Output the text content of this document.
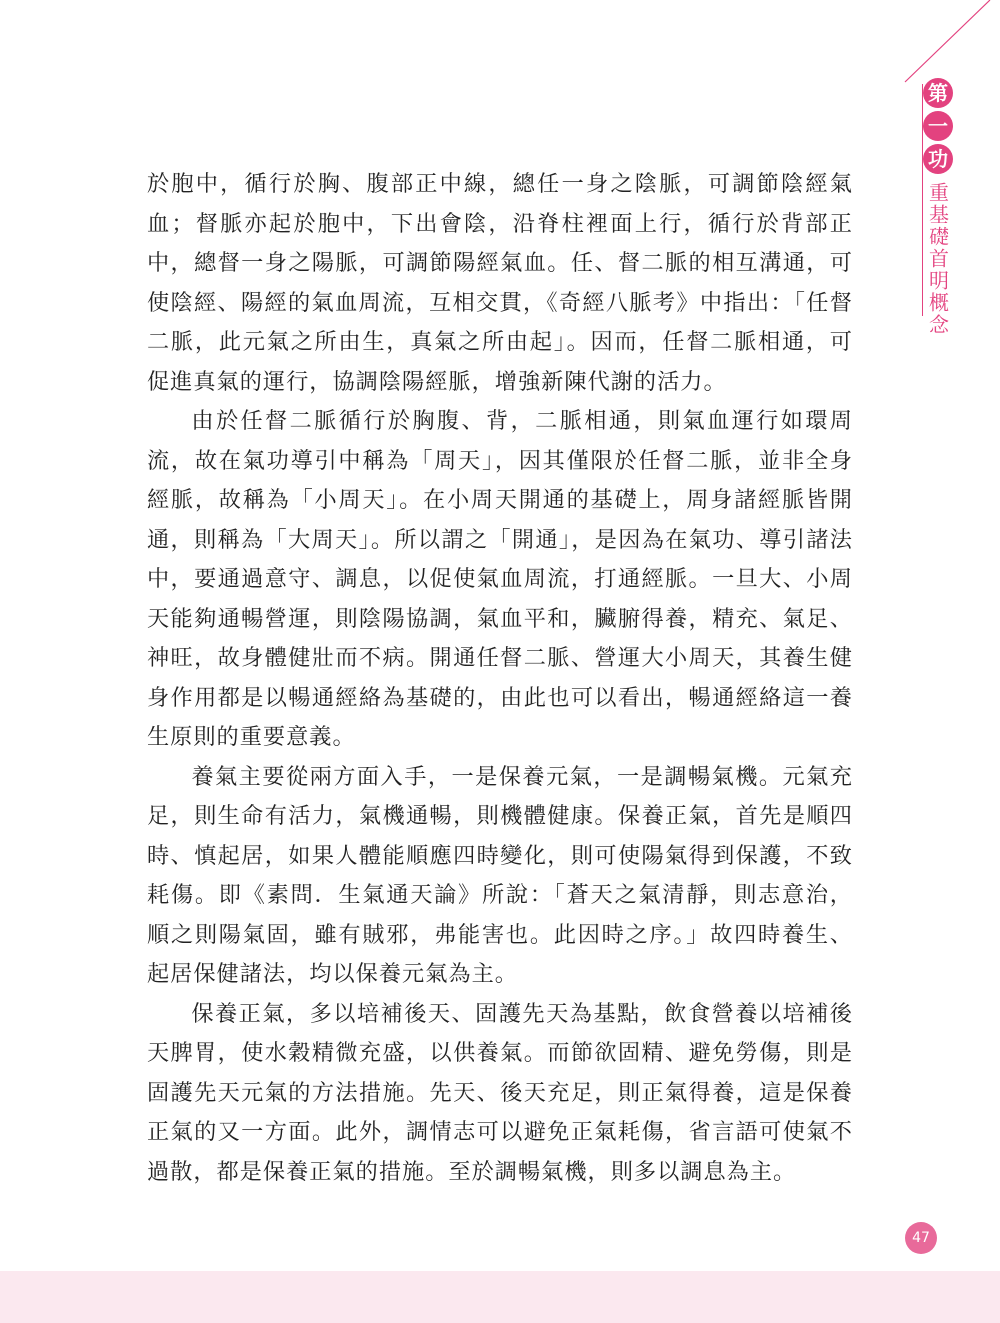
第
一
功
重基礎首明概念

於胞中，循行於胸、腹部正中線，總任一身之陰脈，可調節陰經氣血；督脈亦起於胞中，下出會陰，沿脊柱裡面上行，循行於背部正中，總督一身之陽脈，可調節陽經氣血。任、督二脈的相互溝通，可使陰經、陽經的氣血周流，互相交貫，《奇經八脈考》中指出：「任督二脈，此元氣之所由生，真氣之所由起」。因而，任督二脈相通，可促進真氣的運行，協調陰陽經脈，增強新陳代謝的活力。

由於任督二脈循行於胸腹、背，二脈相通，則氣血運行如環周流，故在氣功導引中稱為「周天」，因其僅限於任督二脈，並非全身經脈，故稱為「小周天」。在小周天開通的基礎上，周身諸經脈皆開通，則稱為「大周天」。所以謂之「開通」，是因為在氣功、導引諸法中，要通過意守、調息，以促使氣血周流，打通經脈。一旦大、小周天能夠通暢營運，則陰陽協調，氣血平和，臟腑得養，精充、氣足、神旺，故身體健壯而不病。開通任督二脈、營運大小周天，其養生健身作用都是以暢通經絡為基礎的，由此也可以看出，暢通經絡這一養生原則的重要意義。

養氣主要從兩方面入手，一是保養元氣，一是調暢氣機。元氣充足，則生命有活力，氣機通暢，則機體健康。保養正氣，首先是順四時、慎起居，如果人體能順應四時變化，則可使陽氣得到保護，不致耗傷。即《素問．生氣通天論》所說：「蒼天之氣清靜，則志意治，順之則陽氣固，雖有賊邪，弗能害也。此因時之序。」故四時養生、起居保健諸法，均以保養元氣為主。

保養正氣，多以培補後天、固護先天為基點，飲食營養以培補後天脾胃，使水穀精微充盛，以供養氣。而節欲固精、避免勞傷，則是固護先天元氣的方法措施。先天、後天充足，則正氣得養，這是保養正氣的又一方面。此外，調情志可以避免正氣耗傷，省言語可使氣不過散，都是保養正氣的措施。至於調暢氣機，則多以調息為主。

47
